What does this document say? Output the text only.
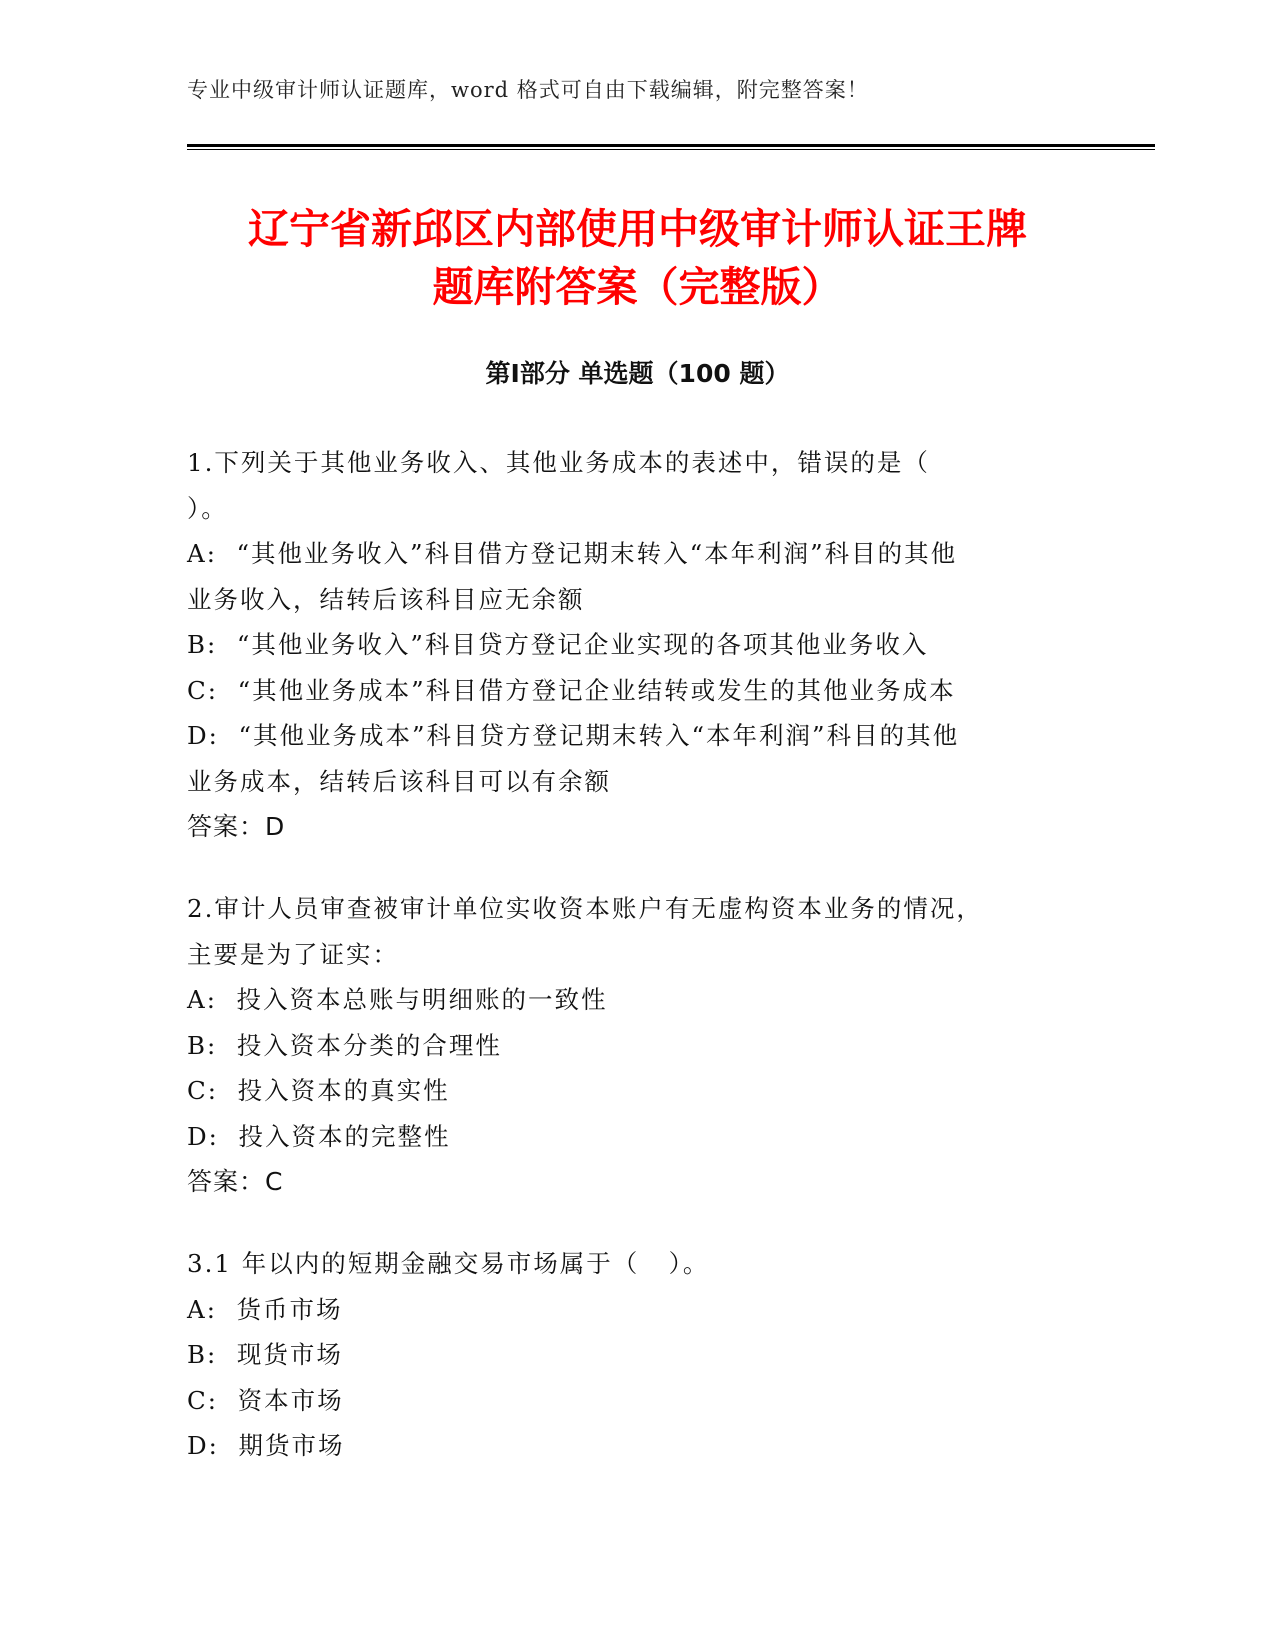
专业中级审计师认证题库，word 格式可自由下载编辑，附完整答案！
辽宁省新邱区内部使用中级审计师认证王牌
题库附答案（完整版）
第Ⅰ部分 单选题（100 题）
1.下列关于其他业务收入、其他业务成本的表述中，错误的是（
）。
A:  “其他业务收入”科目借方登记期末转入“本年利润”科目的其他
业务收入，结转后该科目应无余额
B:  “其他业务收入”科目贷方登记企业实现的各项其他业务收入
C:  “其他业务成本”科目借方登记企业结转或发生的其他业务成本
D:  “其他业务成本”科目贷方登记期末转入“本年利润”科目的其他
业务成本，结转后该科目可以有余额
答案：D
2.审计人员审查被审计单位实收资本账户有无虚构资本业务的情况，
主要是为了证实：
A:  投入资本总账与明细账的一致性
B:  投入资本分类的合理性
C:  投入资本的真实性
D:  投入资本的完整性
答案：C
3.1 年以内的短期金融交易市场属于（   ）。
A:  货币市场
B:  现货市场
C:  资本市场
D:  期货市场
